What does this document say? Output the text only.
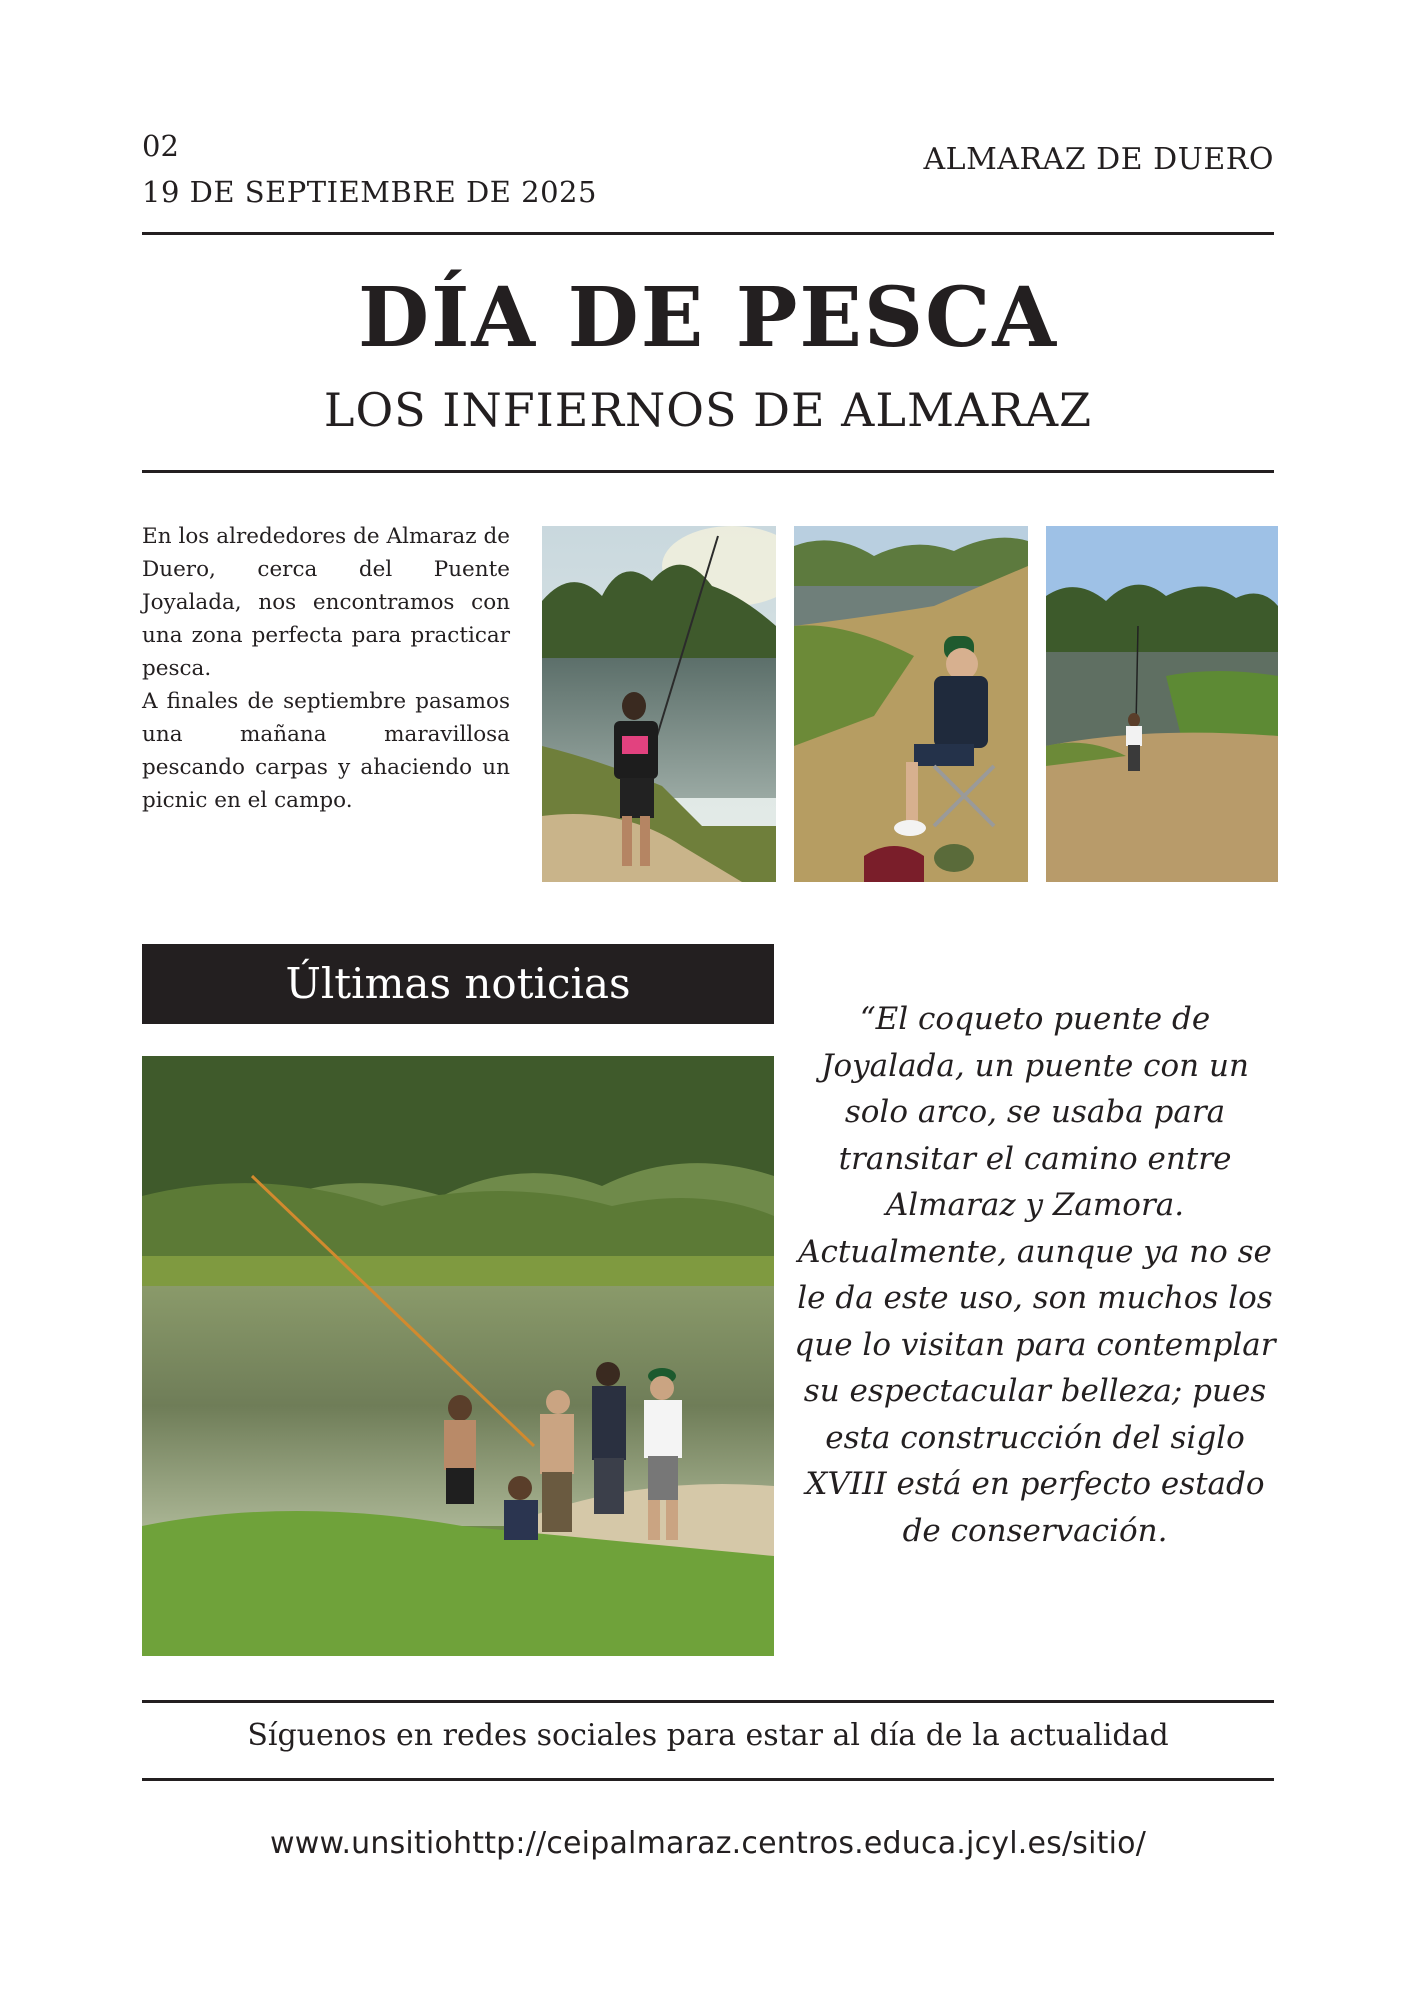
02
19 DE SEPTIEMBRE DE 2025
ALMARAZ DE DUERO
DÍA DE PESCA
LOS INFIERNOS DE ALMARAZ

En los alrededores de Almaraz de Duero, cerca del Puente Joyalada, nos encontramos con una zona perfecta para practicar pesca.

A finales de septiembre pasamos una mañana maravillosa pescando carpas y ahaciendo un picnic en el campo.

Últimas noticias
“El coqueto puente de Joyalada, un puente con un solo arco, se usaba para transitar el camino entre Almaraz y Zamora. Actualmente, aunque ya no se le da este uso, son muchos los que lo visitan para contemplar su espectacular belleza; pues esta construcción del siglo XVIII está en perfecto estado de conservación.
Síguenos en redes sociales para estar al día de la actualidad
www.unsitiohttp://ceipalmaraz.centros.educa.jcyl.es/sitio/
